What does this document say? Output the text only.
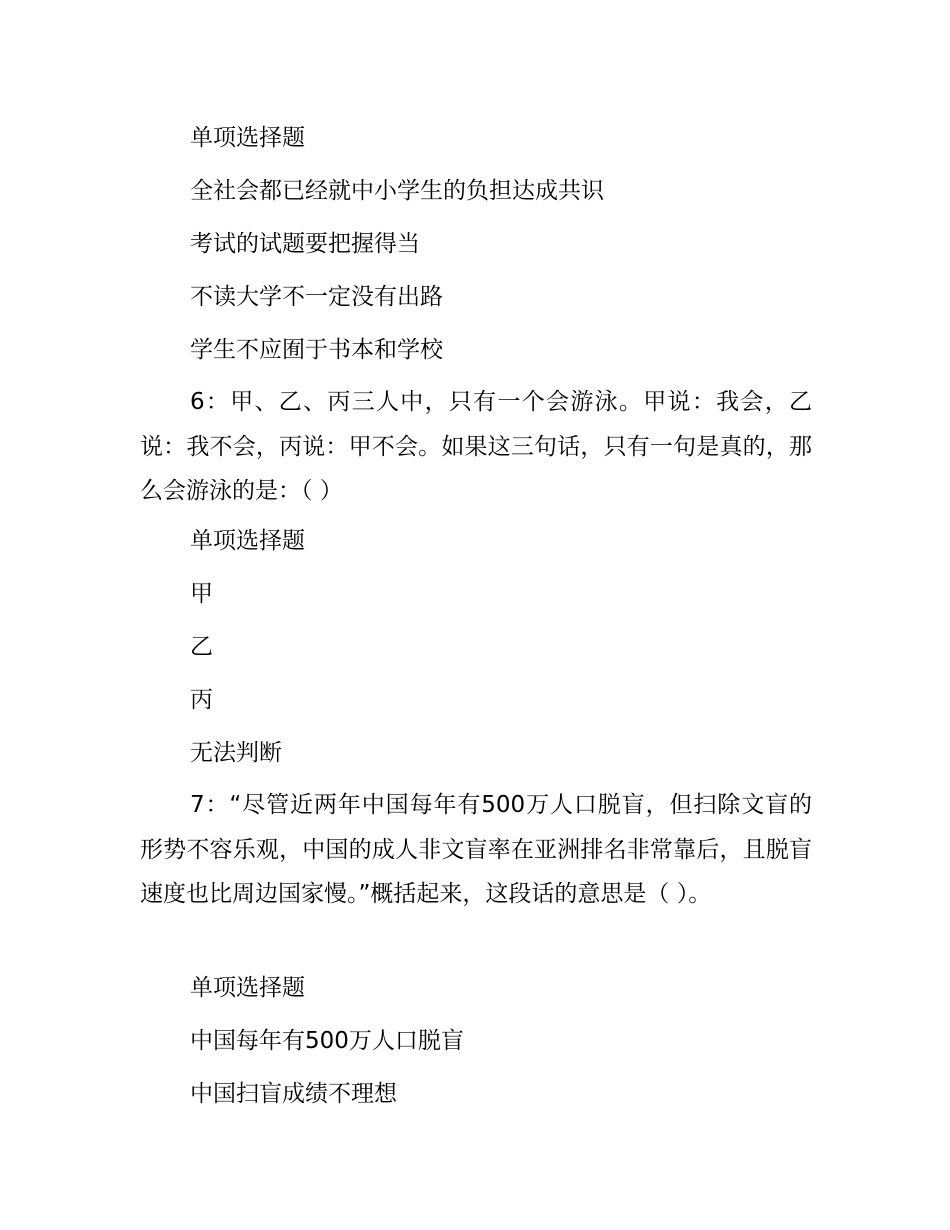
单项选择题
全社会都已经就中小学生的负担达成共识
考试的试题要把握得当
不读大学不一定没有出路
学生不应囿于书本和学校

6：甲、乙、丙三人中，只有一个会游泳。甲说：我会，乙说：我不会，丙说：甲不会。如果这三句话，只有一句是真的，那么会游泳的是：（ ）

单项选择题
甲
乙
丙
无法判断

7：“尽管近两年中国每年有500万人口脱盲，但扫除文盲的形势不容乐观，中国的成人非文盲率在亚洲排名非常靠后，且脱盲速度也比周边国家慢。”概括起来，这段话的意思是（ ）。

单项选择题
中国每年有500万人口脱盲
中国扫盲成绩不理想
